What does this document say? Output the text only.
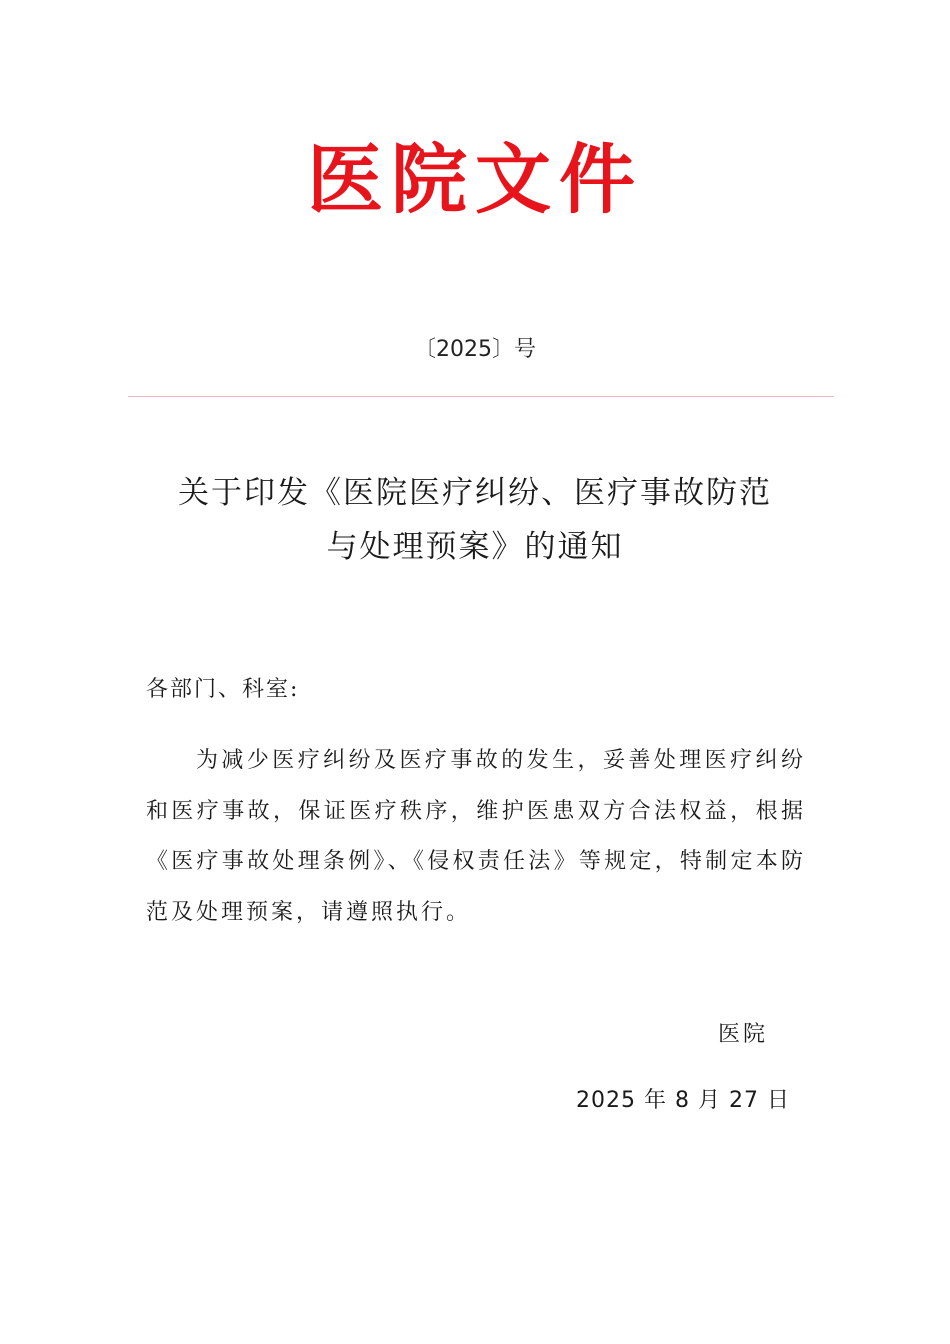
医院文件
〔2025〕号
关于印发《医院医疗纠纷、医疗事故防范
与处理预案》的通知
各部门、科室:
为减少医疗纠纷及医疗事故的发生，妥善处理医疗纠纷和医疗事故，保证医疗秩序，维护医患双方合法权益，根据《医疗事故处理条例》、《侵权责任法》等规定，特制定本防范及处理预案，请遵照执行。
医院
2025 年 8 月 27 日
